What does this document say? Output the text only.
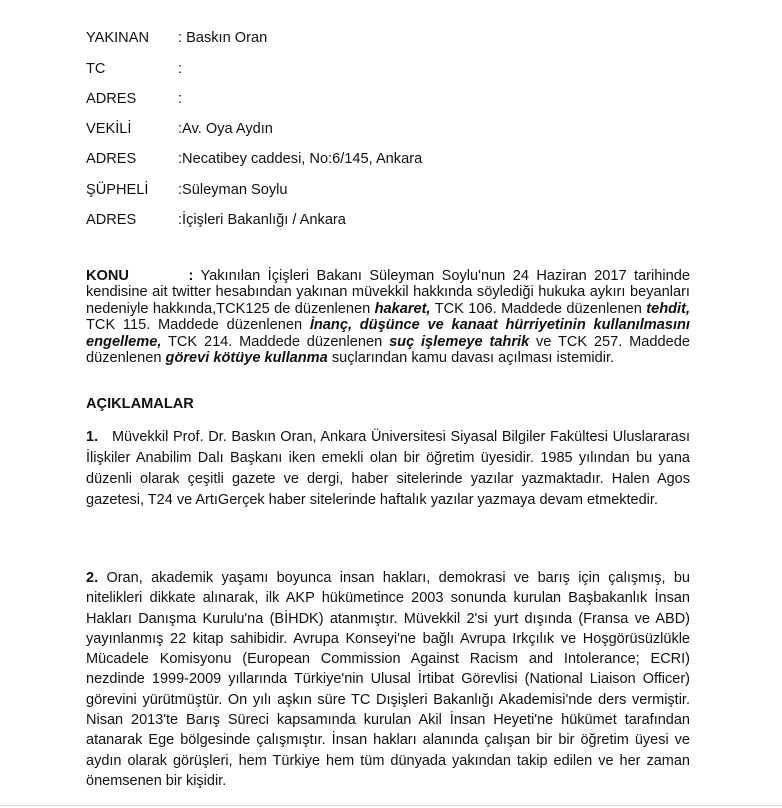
YAKINAN : Baskın Oran
TC	:
ADRES	:
VEKİLİ	:Av. Oya Aydın
ADRES	:Necatibey caddesi, No:6/145, Ankara
ŞÜPHELİ :Süleyman Soylu
ADRES	:İçişleri Bakanlığı / Ankara

KONU	: Yakınılan İçişleri Bakanı Süleyman Soylu'nun 24 Haziran 2017 tarihinde kendisine ait twitter hesabından yakınan müvekkil hakkında söylediği hukuka aykırı beyanları nedeniyle hakkında,TCK125 de düzenlenen hakaret, TCK 106. Maddede düzenlenen tehdit, TCK 115. Maddede düzenlenen İnanç, düşünce ve kanaat hürriyetinin kullanılmasını engelleme, TCK 214. Maddede düzenlenen suç işlemeye tahrik ve TCK 257. Maddede düzenlenen görevi kötüye kullanma suçlarından kamu davası açılması istemidir.

AÇIKLAMALAR

1. Müvekkil Prof. Dr. Baskın Oran, Ankara Üniversitesi Siyasal Bilgiler Fakültesi Uluslararası İlişkiler Anabilim Dalı Başkanı iken emekli olan bir öğretim üyesidir. 1985 yılından bu yana düzenli olarak çeşitli gazete ve dergi, haber sitelerinde yazılar yazmaktadır. Halen Agos gazetesi, T24 ve ArtıGerçek haber sitelerinde haftalık yazılar yazmaya devam etmektedir.

2. Oran, akademik yaşamı boyunca insan hakları, demokrasi ve barış için çalışmış, bu nitelikleri dikkate alınarak, ilk AKP hükümetince 2003 sonunda kurulan Başbakanlık İnsan Hakları Danışma Kurulu'na (BİHDK) atanmıştır. Müvekkil 2'si yurt dışında (Fransa ve ABD) yayınlanmış 22 kitap sahibidir. Avrupa Konseyi'ne bağlı Avrupa Irkçılık ve Hoşgörüsüzlükle Mücadele Komisyonu (European Commission Against Racism and Intolerance; ECRI) nezdinde 1999-2009 yıllarında Türkiye'nin Ulusal İrtibat Görevlisi (National Liaison Officer) görevini yürütmüştür. On yılı aşkın süre TC Dışişleri Bakanlığı Akademisi'nde ders vermiştir. Nisan 2013'te Barış Süreci kapsamında kurulan Akil İnsan Heyeti'ne hükümet tarafından atanarak Ege bölgesinde çalışmıştır. İnsan hakları alanında çalışan bir bir öğretim üyesi ve aydın olarak görüşleri, hem Türkiye hem tüm dünyada yakından takip edilen ve her zaman önemsenen bir kişidir.
